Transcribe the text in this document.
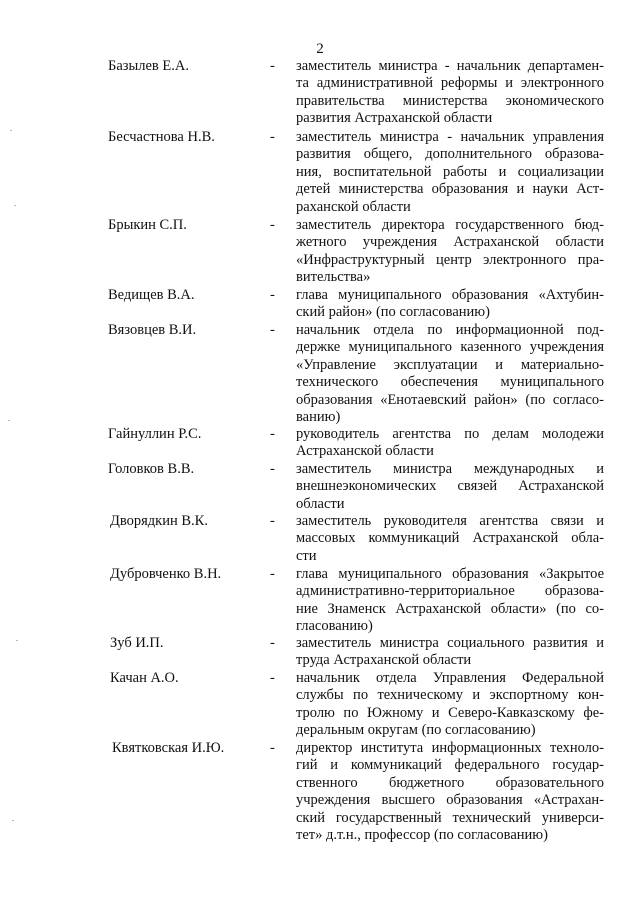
2
Базылев Е.А.	- заместитель министра - начальник департамен-
та административной реформы и электронного
правительства министерства экономического
развития Астраханской области
Бесчастнова Н.В.	- заместитель министра - начальник управления
развития общего, дополнительного образова-
ния, воспитательной работы и социализации
детей министерства образования и науки Аст-
раханской области
Брыкин С.П.	- заместитель директора государственного бюд-
жетного учреждения Астраханской области
«Инфраструктурный центр электронного пра-
вительства»
Ведищев В.А.	- глава муниципального образования «Ахтубин-
ский район» (по согласованию)
Вязовцев В.И.	- начальник отдела по информационной под-
держке муниципального казенного учреждения
«Управление эксплуатации и материально-
технического обеспечения муниципального
образования «Енотаевский район» (по согласо-
ванию)
Гайнуллин Р.С.	- руководитель агентства по делам молодежи
Астраханской области
Головков В.В.	- заместитель министра международных и
внешнеэкономических связей Астраханской
области
Дворядкин В.К.	- заместитель руководителя агентства связи и
массовых коммуникаций Астраханской обла-
сти
Дубровченко В.Н.	- глава муниципального образования «Закрытое
административно-территориальное образова-
ние Знаменск Астраханской области» (по со-
гласованию)
Зуб И.П.	- заместитель министра социального развития и
труда Астраханской области
Качан А.О.	- начальник отдела Управления Федеральной
службы по техническому и экспортному кон-
тролю по Южному и Северо-Кавказскому фе-
деральным округам (по согласованию)
Квятковская И.Ю.	- директор института информационных техноло-
гий и коммуникаций федерального государ-
ственного бюджетного образовательного
учреждения высшего образования «Астрахан-
ский государственный технический универси-
тет» д.т.н., профессор (по согласованию)
